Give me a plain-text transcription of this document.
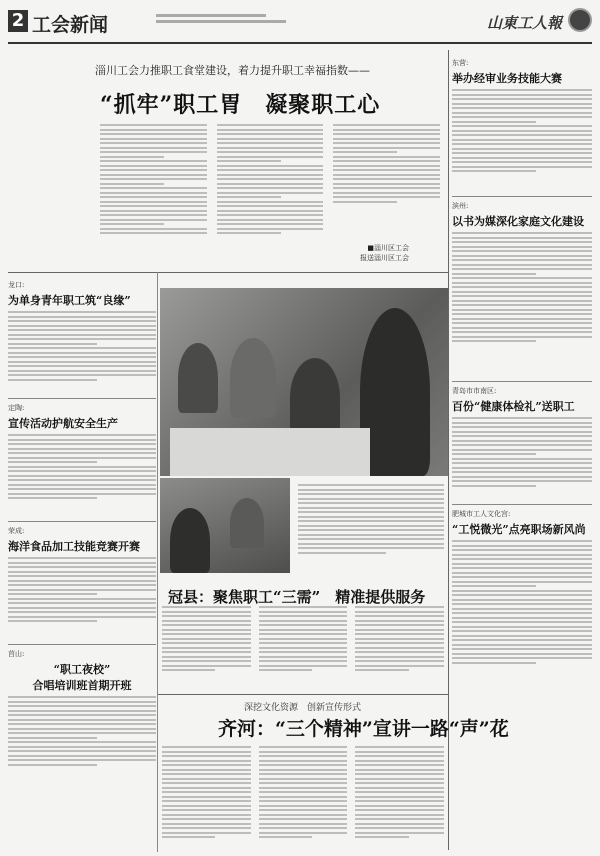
2 工会新闻	山東工人報
淄川工会力推职工食堂建设，着力提升职工幸福指数——
“抓牢”职工胃　凝聚职工心
■淄川区工会
报送淄川区工会
龙口:
为单身青年职工筑“良缘”
定陶:
宣传活动护航安全生产
荣成:
海洋食品加工技能竞赛开赛
莒山:
“职工夜校”
合唱培训班首期开班
东营:
举办经审业务技能大赛
滨州:
以书为媒深化家庭文化建设
青岛市市南区:
百份“健康体检礼”送职工
肥城市工人文化宫:
“工悦微光”点亮职场新风尚
冠县：聚焦职工“三需”　精准提供服务
深挖文化资源　创新宣传形式
齐河：“三个精神”宣讲一路“声”花
